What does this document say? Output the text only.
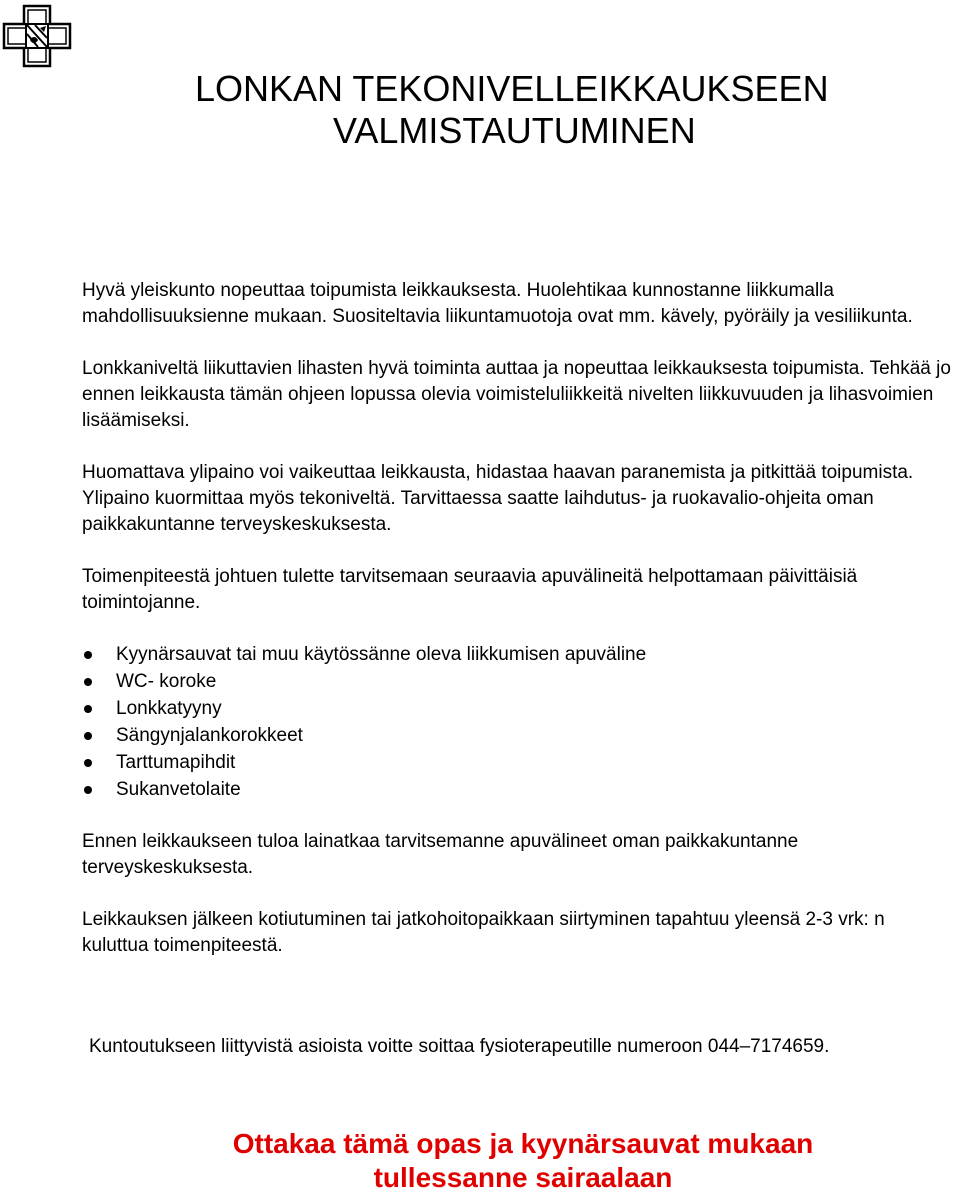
LONKAN TEKONIVELLEIKKAUKSEEN
VALMISTAUTUMINEN

Hyvä yleiskunto nopeuttaa toipumista leikkauksesta. Huolehtikaa kunnostanne liikkumalla mahdollisuuksienne mukaan. Suositeltavia liikuntamuotoja ovat mm. kävely, pyöräily ja vesiliikunta.

Lonkkaniveltä liikuttavien lihasten hyvä toiminta auttaa ja nopeuttaa leikkauksesta toipumista. Tehkää jo ennen leikkausta tämän ohjeen lopussa olevia voimisteluliikkeitä nivelten liikkuvuuden ja lihasvoimien lisäämiseksi.

Huomattava ylipaino voi vaikeuttaa leikkausta, hidastaa haavan paranemista ja pitkittää toipumista. Ylipaino kuormittaa myös tekoniveltä. Tarvittaessa saatte laihdutus- ja ruokavalio-ohjeita oman paikkakuntanne terveyskeskuksesta.

Toimenpiteestä johtuen tulette tarvitsemaan seuraavia apuvälineitä helpottamaan päivittäisiä toimintojanne.

Kyynärsauvat tai muu käytössänne oleva liikkumisen apuväline
WC- koroke
Lonkkatyyny
Sängynjalankorokkeet
Tarttumapihdit
Sukanvetolaite

Ennen leikkaukseen tuloa lainatkaa tarvitsemanne apuvälineet oman paikkakuntanne terveyskeskuksesta.

Leikkauksen jälkeen kotiutuminen tai jatkohoitopaikkaan siirtyminen tapahtuu yleensä 2-3 vrk: n kuluttua toimenpiteestä.

Kuntoutukseen liittyvistä asioista voitte soittaa fysioterapeutille numeroon 044–7174659.
Ottakaa tämä opas ja kyynärsauvat mukaan
tullessanne sairaalaan
